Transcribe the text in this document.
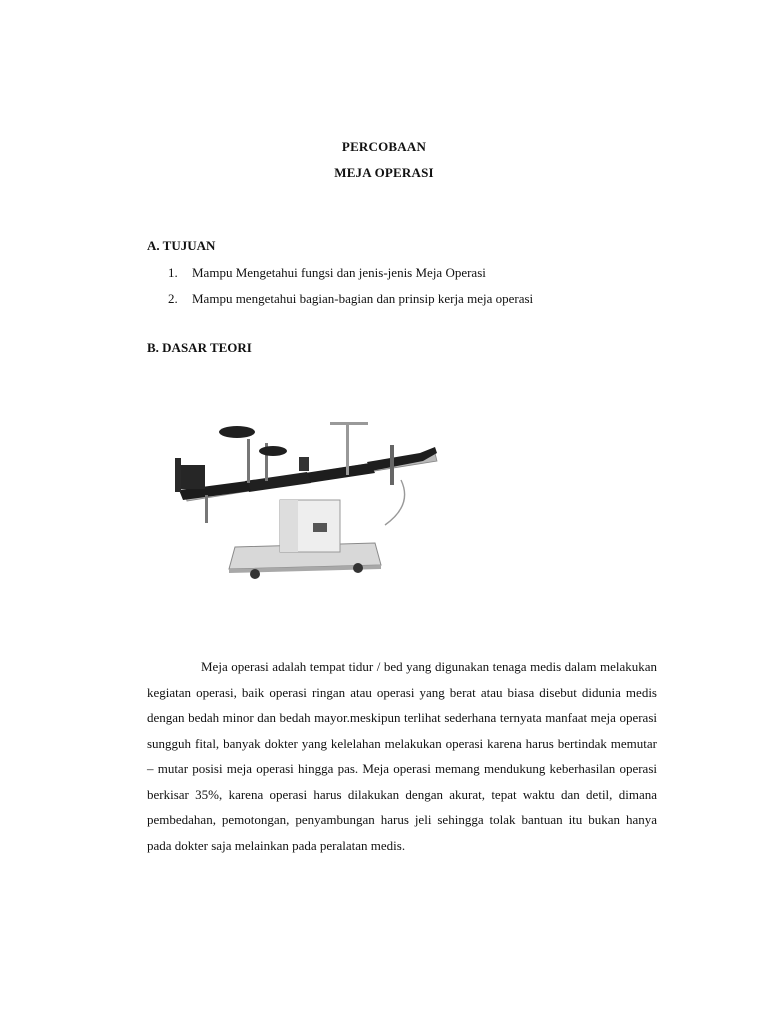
PERCOBAAN
MEJA OPERASI
A. TUJUAN
1.	Mampu Mengetahui fungsi dan jenis-jenis Meja Operasi
2.	Mampu mengetahui bagian-bagian dan prinsip kerja meja operasi
B. DASAR TEORI

Meja operasi adalah tempat tidur / bed yang digunakan tenaga medis dalam melakukan kegiatan operasi, baik operasi ringan atau operasi yang berat atau biasa disebut didunia medis dengan bedah minor dan bedah mayor.meskipun terlihat sederhana ternyata manfaat meja operasi sungguh fital, banyak dokter yang kelelahan melakukan operasi karena harus bertindak memutar – mutar posisi meja operasi hingga pas. Meja operasi memang mendukung keberhasilan operasi berkisar 35%, karena operasi harus dilakukan dengan akurat, tepat waktu dan detil, dimana pembedahan, pemotongan, penyambungan harus jeli sehingga tolak bantuan itu bukan hanya pada dokter saja melainkan pada peralatan medis.
